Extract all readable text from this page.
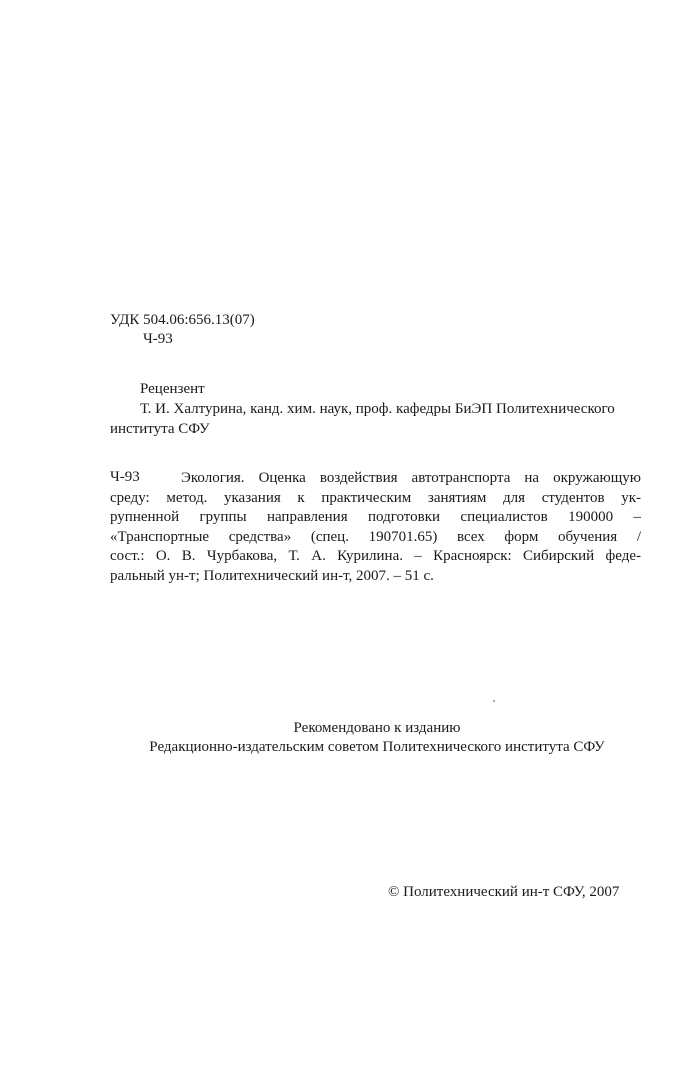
УДК 504.06:656.13(07)
Ч-93
Рецензент
Т. И. Халтурина, канд. хим. наук, проф. кафедры БиЭП Политехнического
института СФУ
Ч-93	Экология. Оценка воздействия автотранспорта на окружающую
среду: метод. указания к практическим занятиям для студентов ук-
рупненной группы направления подготовки специалистов 190000 –
«Транспортные средства» (спец. 190701.65) всех форм обучения /
сост.: О. В. Чурбакова, Т. А. Курилина. – Красноярск: Сибирский феде-
ральный ун-т; Политехнический ин-т, 2007. – 51 с.
Рекомендовано к изданию
Редакционно-издательским советом Политехнического института СФУ
© Политехнический ин-т СФУ, 2007
